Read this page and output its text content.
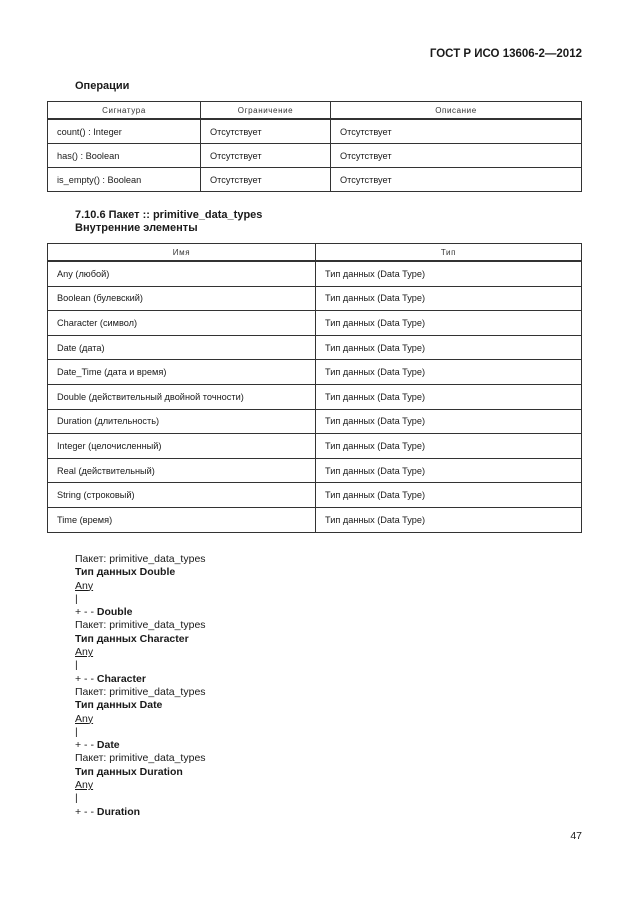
ГОСТ Р ИСО 13606-2—2012
Операции
Сигнатура	Ограничение	Описание
count() : Integer	Отсутствует	Отсутствует
has() : Boolean	Отсутствует	Отсутствует
is_empty() : Boolean	Отсутствует	Отсутствует
7.10.6 Пакет :: primitive_data_types
Внутренние элементы
Имя	Тип
Any (любой)	Тип данных (Data Type)
Boolean (булевский)	Тип данных (Data Type)
Character (символ)	Тип данных (Data Type)
Date (дата)	Тип данных (Data Type)
Date_Time (дата и время)	Тип данных (Data Type)
Double (действительный двойной точности)	Тип данных (Data Type)
Duration (длительность)	Тип данных (Data Type)
Integer (целочисленный)	Тип данных (Data Type)
Real (действительный)	Тип данных (Data Type)
String (строковый)	Тип данных (Data Type)
Time (время)	Тип данных (Data Type)
Пакет: primitive_data_types
Тип данных Double
Any
|
+ - - Double
Пакет: primitive_data_types
Тип данных Character
Any
|
+ - - Character
Пакет: primitive_data_types
Тип данных Date
Any
|
+ - - Date
Пакет: primitive_data_types
Тип данных Duration
Any
|
+ - - Duration
47
